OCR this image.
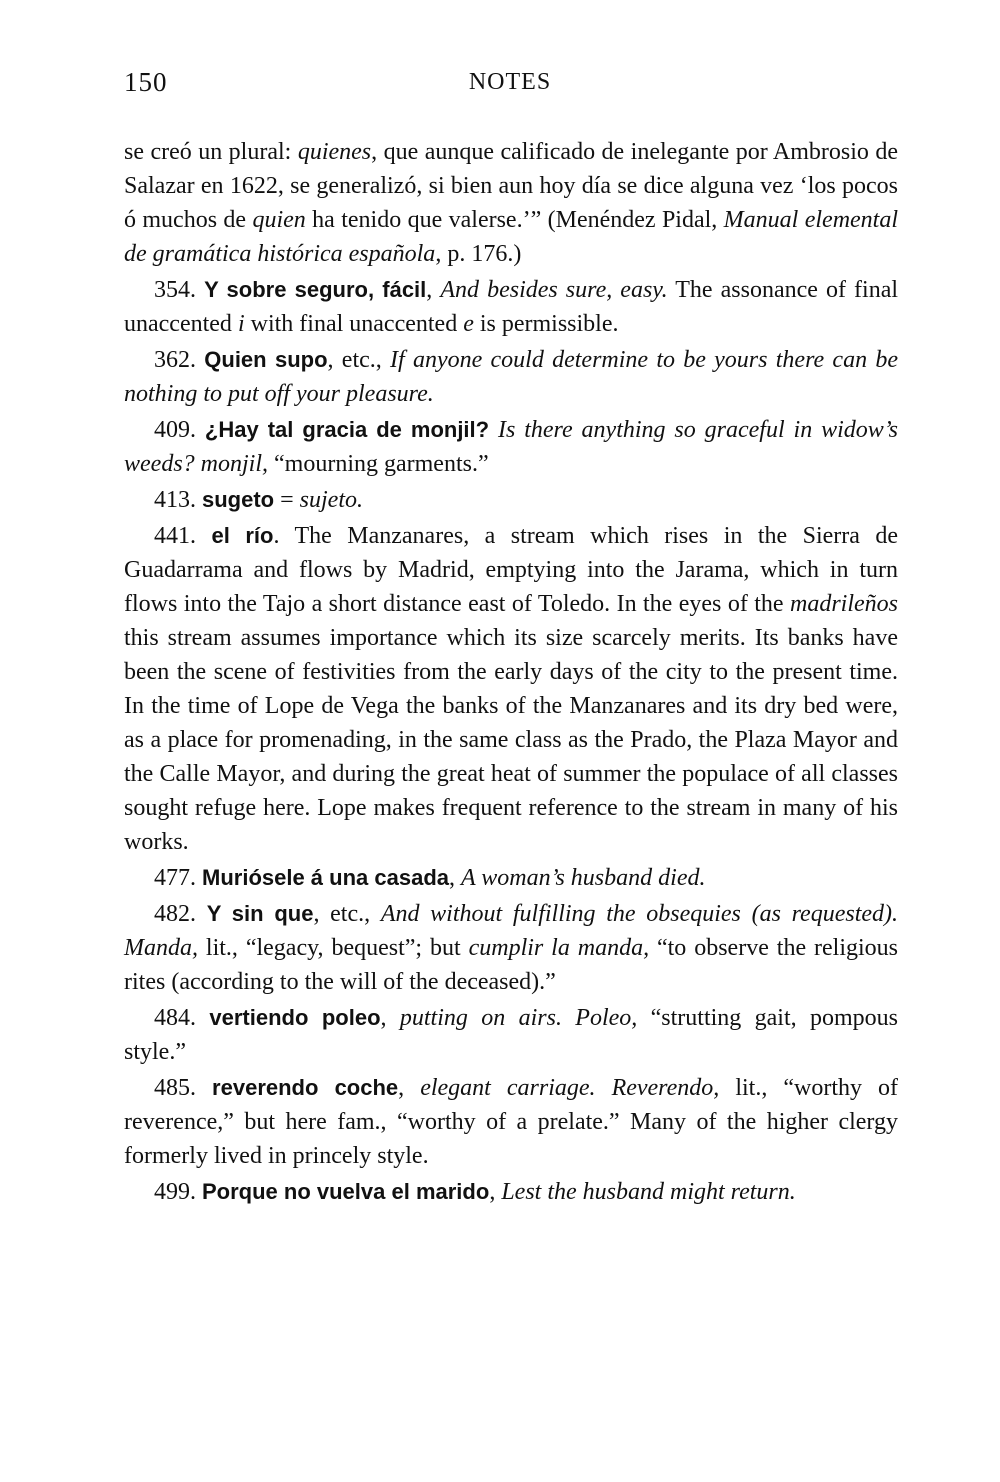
150	NOTES

se creó un plural: quienes, que aunque calificado de inelegante por Ambrosio de Salazar en 1622, se generalizó, si bien aun hoy día se dice alguna vez ‘los pocos ó muchos de quien ha tenido que valerse.’” (Menéndez Pidal, Manual elemental de gramática histórica española, p. 176.)

354. Y sobre seguro, fácil, And besides sure, easy. The assonance of final unaccented i with final unaccented e is permissible.

362. Quien supo, etc., If anyone could determine to be yours there can be nothing to put off your pleasure.

409. ¿Hay tal gracia de monjil? Is there anything so graceful in widow’s weeds? monjil, “mourning garments.”

413. sugeto = sujeto.

441. el río. The Manzanares, a stream which rises in the Sierra de Guadarrama and flows by Madrid, emptying into the Jarama, which in turn flows into the Tajo a short distance east of Toledo. In the eyes of the madrileños this stream assumes importance which its size scarcely merits. Its banks have been the scene of festivities from the early days of the city to the present time. In the time of Lope de Vega the banks of the Manzanares and its dry bed were, as a place for promenading, in the same class as the Prado, the Plaza Mayor and the Calle Mayor, and during the great heat of summer the populace of all classes sought refuge here. Lope makes frequent reference to the stream in many of his works.

477. Muriósele á una casada, A woman’s husband died.

482. Y sin que, etc., And without fulfilling the obsequies (as requested). Manda, lit., “legacy, bequest”; but cumplir la manda, “to observe the religious rites (according to the will of the deceased).”

484. vertiendo poleo, putting on airs. Poleo, “strutting gait, pompous style.”

485. reverendo coche, elegant carriage. Reverendo, lit., “worthy of reverence,” but here fam., “worthy of a prelate.” Many of the higher clergy formerly lived in princely style.

499. Porque no vuelva el marido, Lest the husband might return.
